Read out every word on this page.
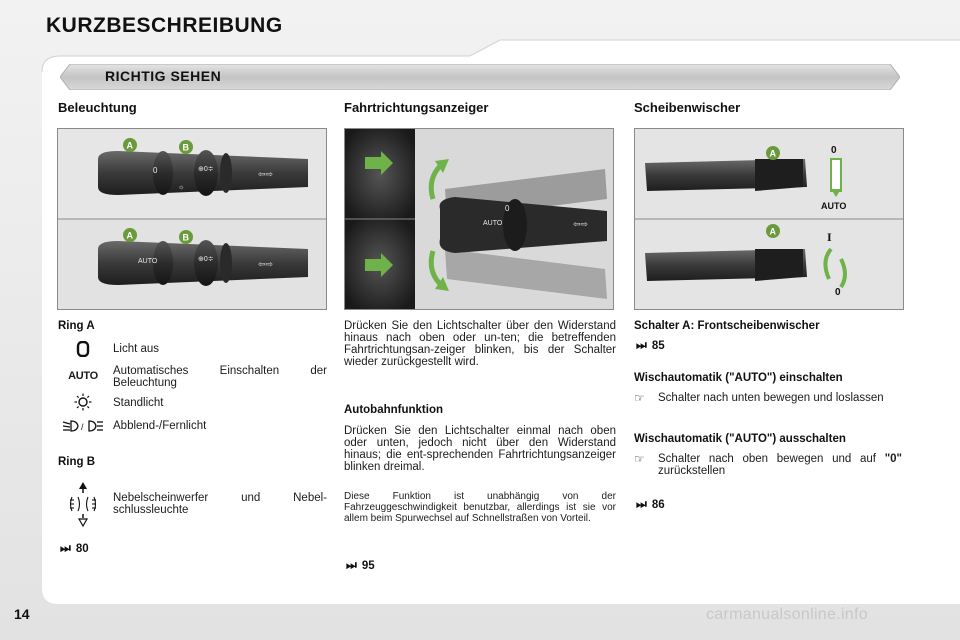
KURZBESCHREIBUNG
RICHTIG SEHEN
Beleuchtung	Fahrtrichtungsanzeiger	Scheibenwischer
0
☼
⊕0≑	⇦⇨
A	B
AUTO	⊕0≑	⇦⇨
A	B
AUTO
0
⇦⇨
A	0
AUTO
A	I
0
Ring A
Licht aus
AUTO Automatisches Einschalten der Beleuchtung
Standlicht
/	Abblend-/Fernlicht
Ring B
Nebelscheinwerfer und Nebel-schlussleuchte
⏭ 80
Drücken Sie den Lichtschalter über den Widerstand hinaus nach oben oder un-ten; die betreffenden Fahrtrichtungsan-zeiger blinken, bis der Schalter wieder zurückgestellt wird.
Autobahnfunktion
Drücken Sie den Lichtschalter einmal nach oben oder unten, jedoch nicht über den Widerstand hinaus; die ent-sprechenden Fahrtrichtungsanzeiger blinken dreimal.
Diese Funktion ist unabhängig von der Fahrzeuggeschwindigkeit benutzbar, allerdings ist sie vor allem beim Spurwechsel auf Schnellstraßen von Vorteil.
⏭ 95
Schalter A: Frontscheibenwischer
⏭ 85
Wischautomatik ("AUTO") einschalten
☞ Schalter nach unten bewegen und loslassen
Wischautomatik ("AUTO") ausschalten
☞ Schalter nach oben bewegen und auf "0" zurückstellen
⏭ 86
14	carmanualsonline.info
